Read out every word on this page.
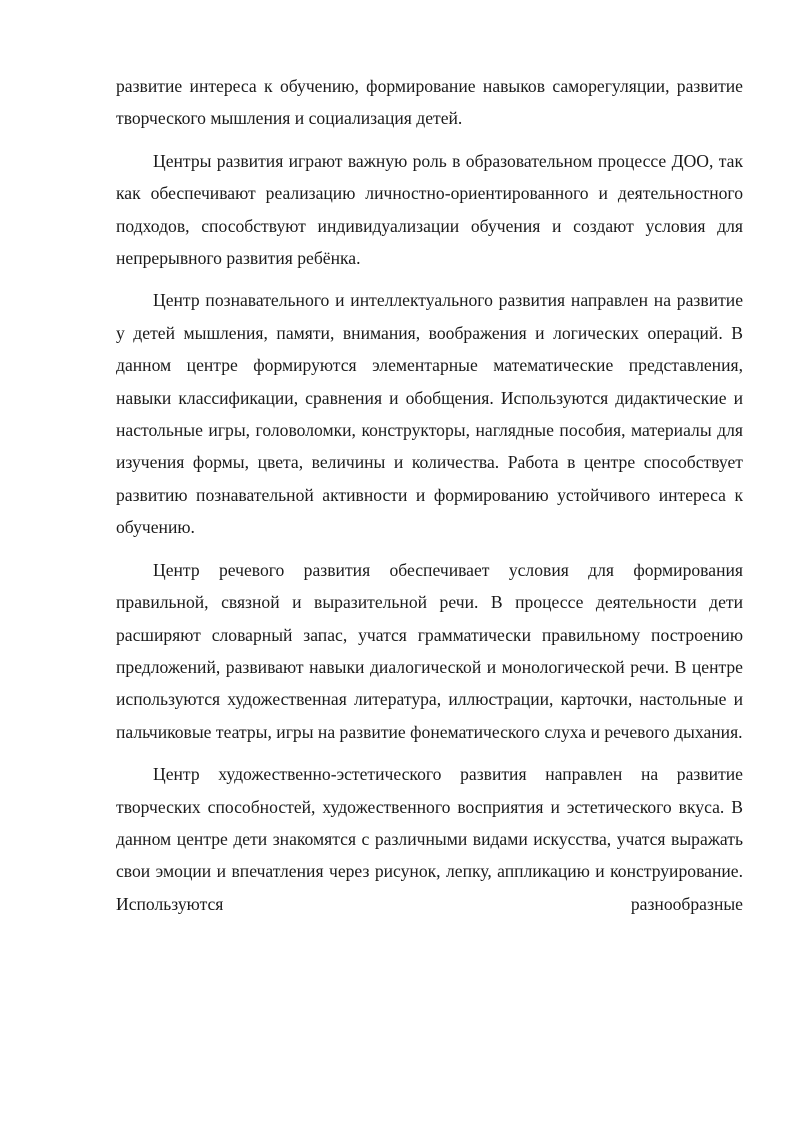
развитие интереса к обучению, формирование навыков саморегуляции, развитие творческого мышления и социализация детей.

Центры развития играют важную роль в образовательном процессе ДОО, так как обеспечивают реализацию личностно-ориентированного и деятельностного подходов, способствуют индивидуализации обучения и создают условия для непрерывного развития ребёнка.

Центр познавательного и интеллектуального развития направлен на развитие у детей мышления, памяти, внимания, воображения и логических операций. В данном центре формируются элементарные математические представления, навыки классификации, сравнения и обобщения. Используются дидактические и настольные игры, головоломки, конструкторы, наглядные пособия, материалы для изучения формы, цвета, величины и количества. Работа в центре способствует развитию познавательной активности и формированию устойчивого интереса к обучению.

Центр речевого развития обеспечивает условия для формирования правильной, связной и выразительной речи. В процессе деятельности дети расширяют словарный запас, учатся грамматически правильному построению предложений, развивают навыки диалогической и монологической речи. В центре используются художественная литература, иллюстрации, карточки, настольные и пальчиковые театры, игры на развитие фонематического слуха и речевого дыхания.

Центр художественно-эстетического развития направлен на развитие творческих способностей, художественного восприятия и эстетического вкуса. В данном центре дети знакомятся с различными видами искусства, учатся выражать свои эмоции и впечатления через рисунок, лепку, аппликацию и конструирование. Используются разнообразные
